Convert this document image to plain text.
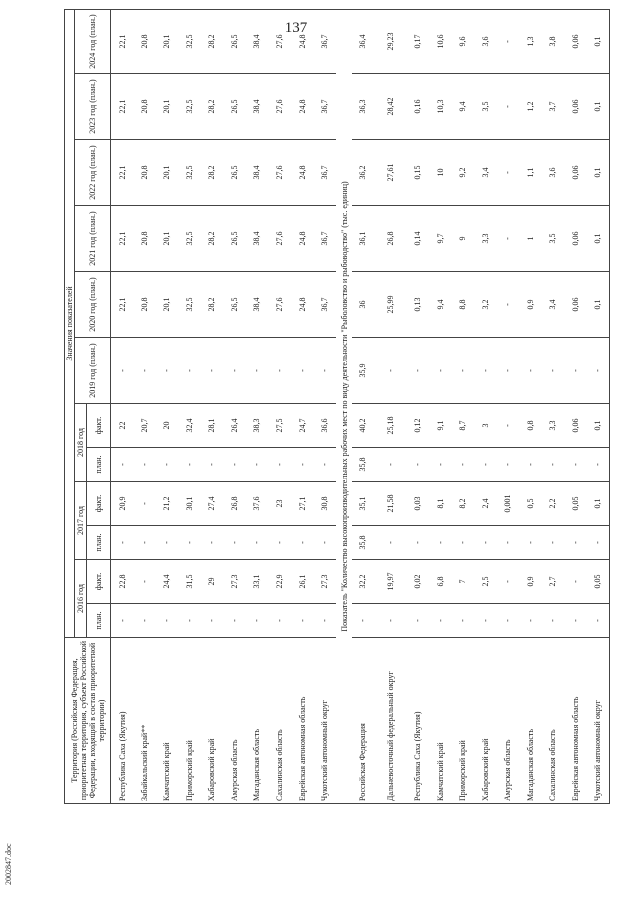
137
2002847.doc
Территория (Российская Федерация, приоритетная территория, субъект Российской Федерации, входящий в состав приоритетной территории)	Значения показателей											
	2016 год		2017 год		2018 год		2019 год (план.)	2020 год (план.)	2021 год (план.)	2022 год (план.)	2023 год (план.)	2024 год (план.)
	план.	факт.	план.	факт.	план.	факт.						
Республика Саха (Якутия)	-	22,8	-	20,9	-	22	-	22,1	22,1	22,1	22,1	22,1
Забайкальский край**	-	-	-	-	-	20,7	-	20,8	20,8	20,8	20,8	20,8
Камчатский край	-	24,4	-	21,2	-	20	-	20,1	20,1	20,1	20,1	20,1
Приморский край	-	31,5	-	30,1	-	32,4	-	32,5	32,5	32,5	32,5	32,5
Хабаровский край	-	29	-	27,4	-	28,1	-	28,2	28,2	28,2	28,2	28,2
Амурская область	-	27,3	-	26,8	-	26,4	-	26,5	26,5	26,5	26,5	26,5
Магаданская область	-	33,1	-	37,6	-	38,3	-	38,4	38,4	38,4	38,4	38,4
Сахалинская область	-	22,9	-	23	-	27,5	-	27,6	27,6	27,6	27,6	27,6
Еврейская автономная область	-	26,1	-	27,1	-	24,7	-	24,8	24,8	24,8	24,8	24,8
Чукотский автономный округ	-	27,3	-	30,8	-	36,6	-	36,7	36,7	36,7	36,7	36,7
Показатель "Количество высокопроизводительных рабочих мест по виду деятельности "Рыболовство и рыбоводство" (тыс. единиц)												
Российская Федерация	-	32,2	35,8	35,1	35,8	40,2	35,9	36	36,1	36,2	36,3	36,4
Дальневосточный федеральный округ	-	19,97	-	21,58	-	25,18	-	25,99	26,8	27,61	28,42	29,23
Республика Саха (Якутия)	-	0,02	-	0,03	-	0,12	-	0,13	0,14	0,15	0,16	0,17
Камчатский край	-	6,8	-	8,1	-	9,1	-	9,4	9,7	10	10,3	10,6
Приморский край	-	7	-	8,2	-	8,7	-	8,8	9	9,2	9,4	9,6
Хабаровский край	-	2,5	-	2,4	-	3	-	3,2	3,3	3,4	3,5	3,6
Амурская область	-	-	-	0,001	-	-	-	-	-	-	-	-
Магаданская область	-	0,9	-	0,5	-	0,8	-	0,9	1	1,1	1,2	1,3
Сахалинская область	-	2,7	-	2,2	-	3,3	-	3,4	3,5	3,6	3,7	3,8
Еврейская автономная область	-	-	-	0,05	-	0,06	-	0,06	0,06	0,06	0,06	0,06
Чукотский автономный округ	-	0,05	-	0,1	-	0,1	-	0,1	0,1	0,1	0,1	0,1
